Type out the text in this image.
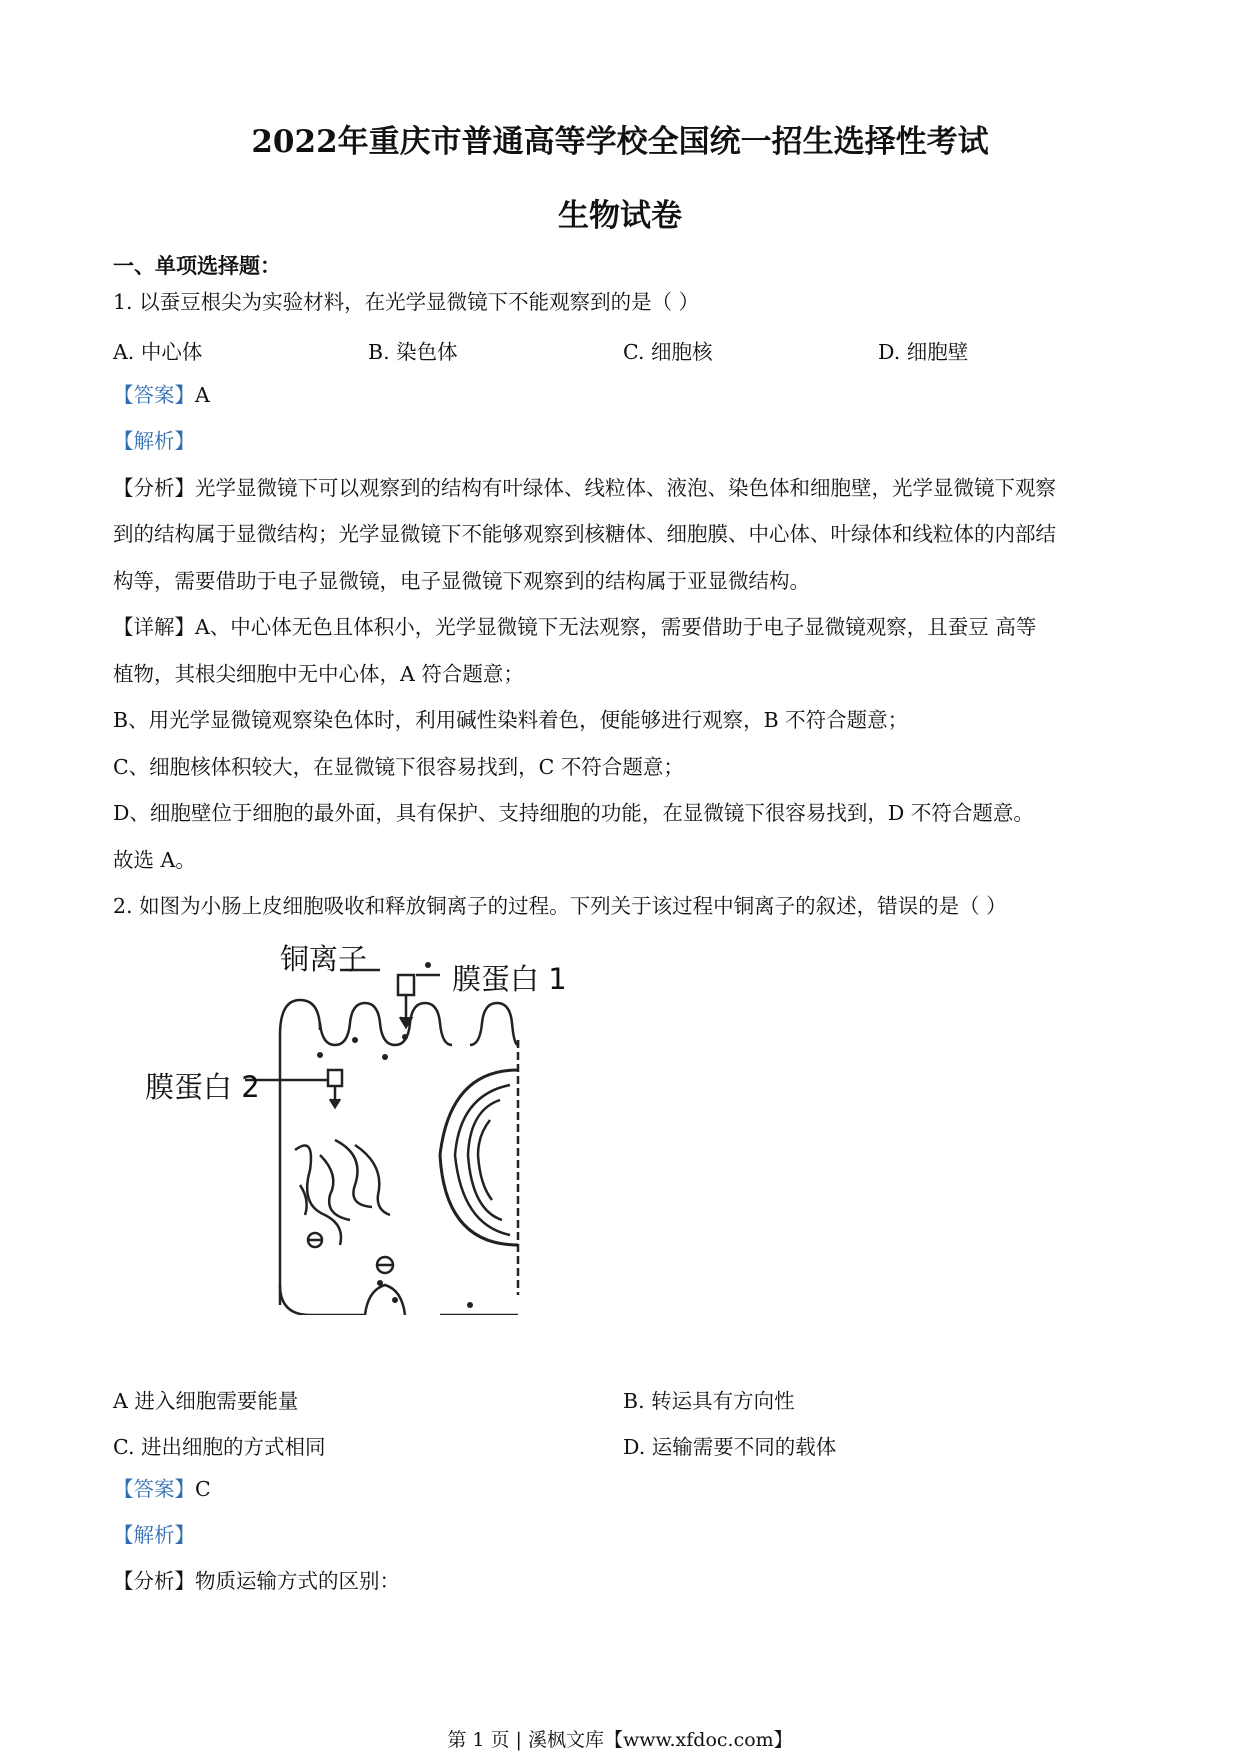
2022年重庆市普通高等学校全国统一招生选择性考试
生物试卷
一、单项选择题：
1. 以蚕豆根尖为实验材料，在光学显微镜下不能观察到的是（ ）
A. 中心体	B. 染色体	C. 细胞核	D. 细胞壁
【答案】A
【解析】
【分析】光学显微镜下可以观察到的结构有叶绿体、线粒体、液泡、染色体和细胞壁，光学显微镜下观察
到的结构属于显微结构；光学显微镜下不能够观察到核糖体、细胞膜、中心体、叶绿体和线粒体的内部结
构等，需要借助于电子显微镜，电子显微镜下观察到的结构属于亚显微结构。
【详解】A、中心体无色且体积小，光学显微镜下无法观察，需要借助于电子显微镜观察，且蚕豆 高等
植物，其根尖细胞中无中心体，A 符合题意；
B、用光学显微镜观察染色体时，利用碱性染料着色，便能够进行观察，B 不符合题意；
C、细胞核体积较大，在显微镜下很容易找到，C 不符合题意；
D、细胞壁位于细胞的最外面，具有保护、支持细胞的功能，在显微镜下很容易找到，D 不符合题意。
故选 A。
2. 如图为小肠上皮细胞吸收和释放铜离子的过程。下列关于该过程中铜离子的叙述，错误的是（ ）
铜离子
膜蛋白 1
膜蛋白 2
A 进入细胞需要能量	B. 转运具有方向性
C. 进出细胞的方式相同	D. 运输需要不同的载体
【答案】C
【解析】
【分析】物质运输方式的区别：
第 1 页 | 溪枫文库【www.xfdoc.com】
